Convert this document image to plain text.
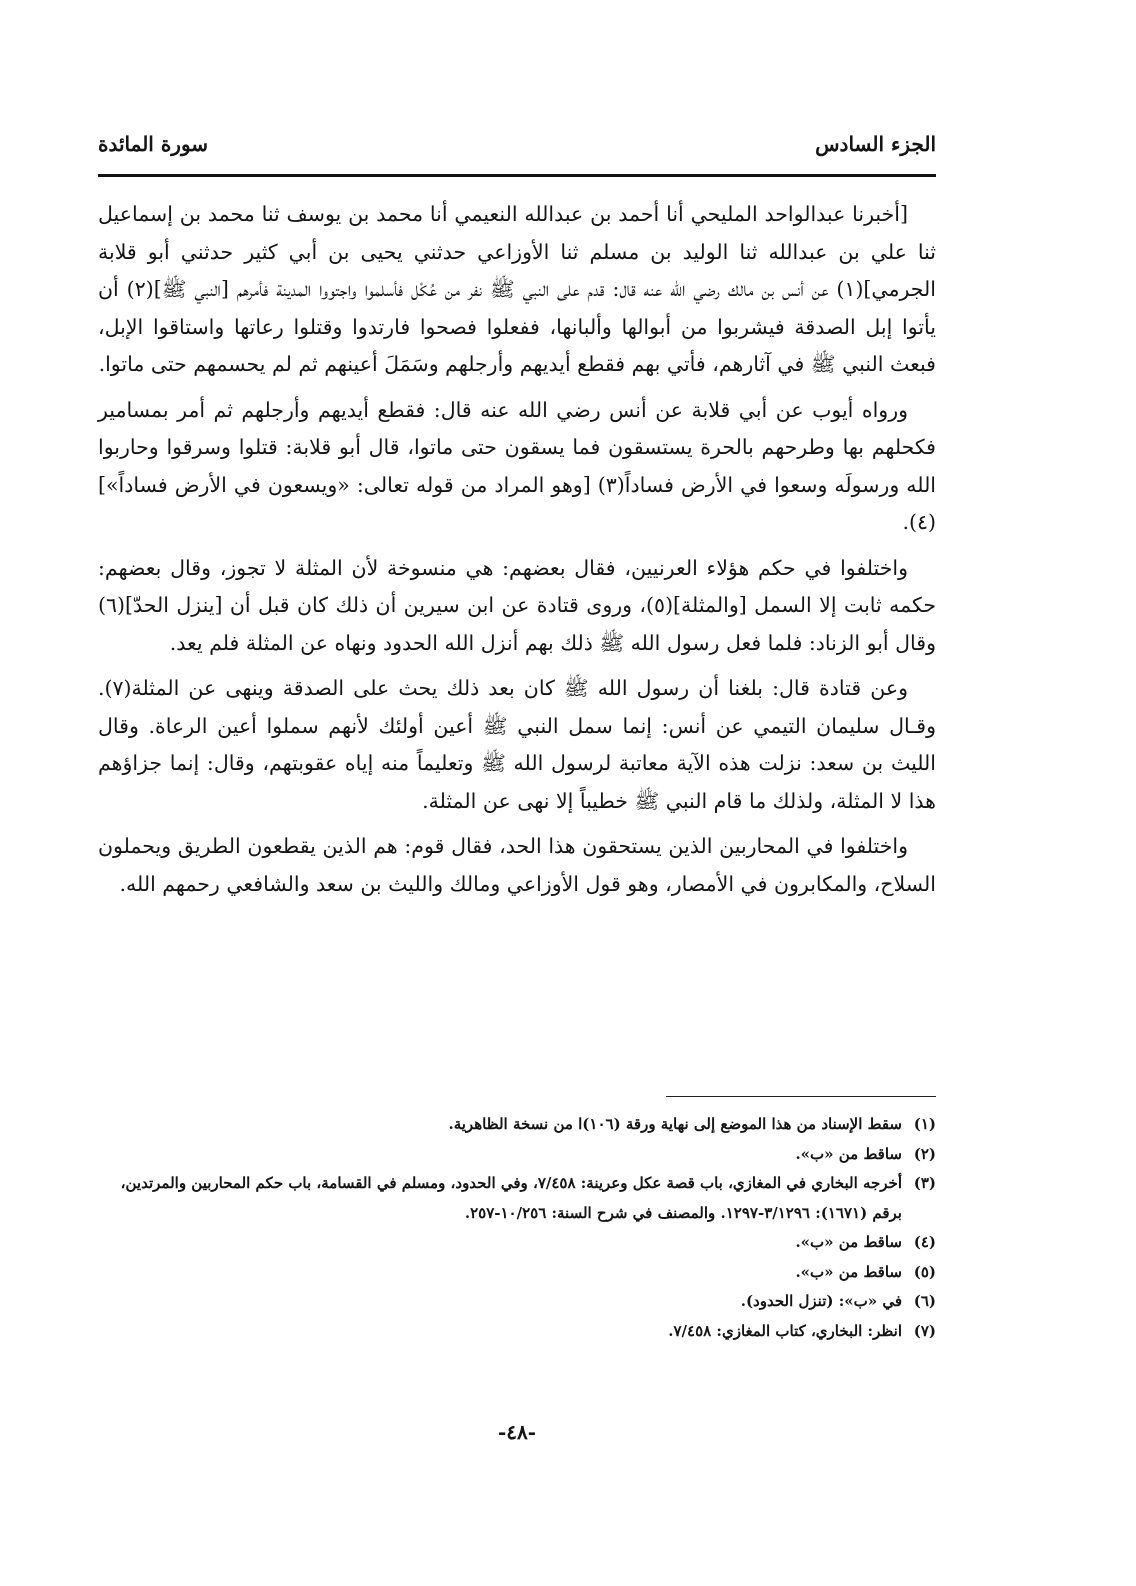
الجزء السادس
سورة المائدة

[أخبرنا عبدالواحد المليحي أنا أحمد بن عبدالله النعيمي أنا محمد بن يوسف ثنا محمد بن إسماعيل ثنا علي بن عبدالله ثنا الوليد بن مسلم ثنا الأوزاعي حدثني يحيى بن أبي كثير حدثني أبو قلابة الجرمي](١) عن أنس بن مالك رضي الله عنه قال: قدم على النبي ﷺ نفر من عُكْل فأسلموا واجتووا المدينة فأمرهم [النبي ﷺ](٢) أن يأتوا إبل الصدقة فيشربوا من أبوالها وألبانها، ففعلوا فصحوا فارتدوا وقتلوا رعاتها واستاقوا الإبل، فبعث النبي ﷺ في آثارهم، فأتي بهم فقطع أيديهم وأرجلهم وسَمَلَ أعينهم ثم لم يحسمهم حتى ماتوا.

ورواه أيوب عن أبي قلابة عن أنس رضي الله عنه قال: فقطع أيديهم وأرجلهم ثم أمر بمسامير فكحلهم بها وطرحهم بالحرة يستسقون فما يسقون حتى ماتوا، قال أبو قلابة: قتلوا وسرقوا وحاربوا الله ورسولَه وسعوا في الأرض فساداً(٣) [وهو المراد من قوله تعالى: «ويسعون في الأرض فساداً»](٤).

واختلفوا في حكم هؤلاء العرنيين، فقال بعضهم: هي منسوخة لأن المثلة لا تجوز، وقال بعضهم: حكمه ثابت إلا السمل [والمثلة](٥)، وروى قتادة عن ابن سيرين أن ذلك كان قبل أن [ينزل الحدّ](٦) وقال أبو الزناد: فلما فعل رسول الله ﷺ ذلك بهم أنزل الله الحدود ونهاه عن المثلة فلم يعد.

وعن قتادة قال: بلغنا أن رسول الله ﷺ كان بعد ذلك يحث على الصدقة وينهى عن المثلة(٧). وقـال سليمان التيمي عن أنس: إنما سمل النبي ﷺ أعين أولئك لأنهم سملوا أعين الرعاة. وقال الليث بن سعد: نزلت هذه الآية معاتبة لرسول الله ﷺ وتعليماً منه إياه عقوبتهم، وقال: إنما جزاؤهم هذا لا المثلة، ولذلك ما قام النبي ﷺ خطيباً إلا نهى عن المثلة.

واختلفوا في المحاربين الذين يستحقون هذا الحد، فقال قوم: هم الذين يقطعون الطريق ويحملون السلاح، والمكابرون في الأمصار، وهو قول الأوزاعي ومالك والليث بن سعد والشافعي رحمهم الله.

(١)
سقط الإسناد من هذا الموضع إلى نهاية ورقة (١٠٦)ا من نسخة الظاهرية.

(٢)
ساقط من «ب».

(٣)
أخرجه البخاري في المغازي، باب قصة عكل وعرينة: ٧/٤٥٨، وفي الحدود، ومسلم في القسامة، باب حكم المحاربين والمرتدين،

برقم (١٦٧١): ٣/١٢٩٦-١٢٩٧. والمصنف في شرح السنة: ١٠/٢٥٦-٢٥٧.

(٤)
ساقط من «ب».

(٥)
ساقط من «ب».

(٦)
في «ب»: (تنزل الحدود).

(٧)
انظر: البخاري، كتاب المغازي: ٧/٤٥٨.

-٤٨-
